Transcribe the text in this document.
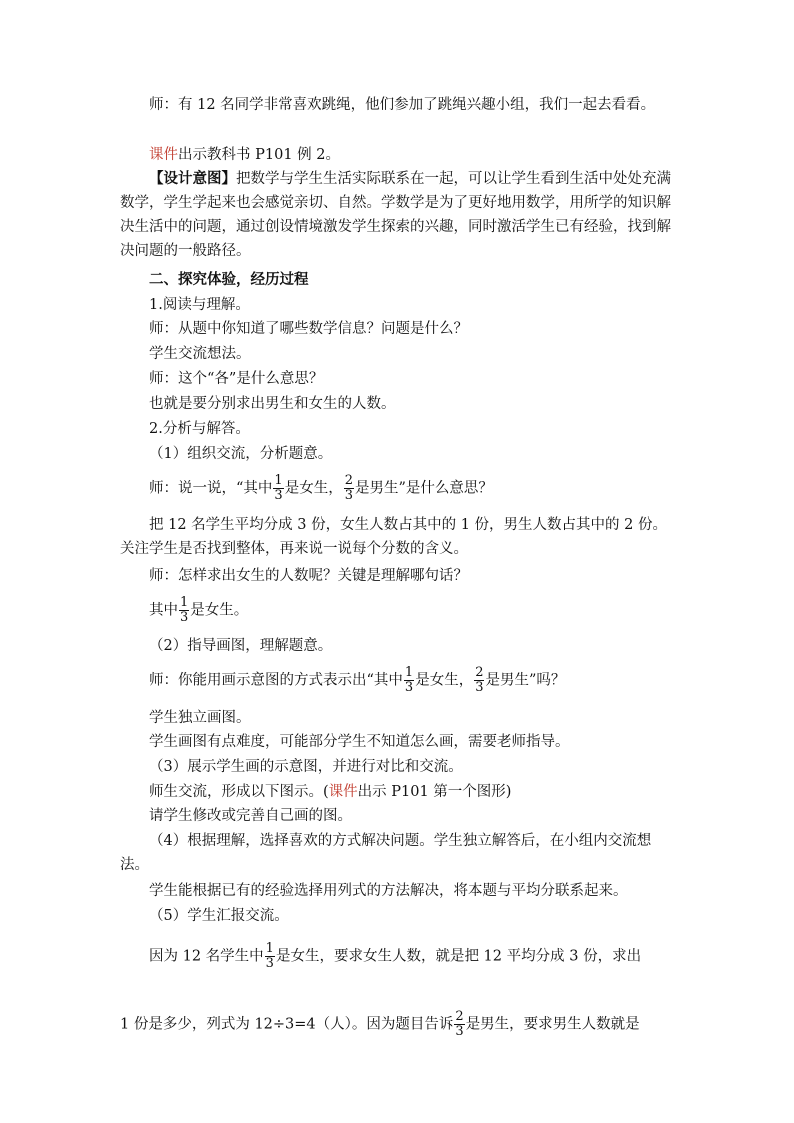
师：有 12 名同学非常喜欢跳绳，他们参加了跳绳兴趣小组，我们一起去看看。

课件出示教科书 P101 例 2。

【设计意图】把数学与学生生活实际联系在一起，可以让学生看到生活中处处充满数学，学生学起来也会感觉亲切、自然。学数学是为了更好地用数学，用所学的知识解决生活中的问题，通过创设情境激发学生探索的兴趣，同时激活学生已有经验，找到解决问题的一般路径。

二、探究体验，经历过程

1.阅读与理解。

师：从题中你知道了哪些数学信息？问题是什么？

学生交流想法。

师：这个“各”是什么意思？

也就是要分别求出男生和女生的人数。

2.分析与解答。

（1）组织交流，分析题意。

师：说一说，“其中 $\frac{1}{3}$ 是女生， $\frac{2}{3}$ 是男生”是什么意思？

把 12 名学生平均分成 3 份，女生人数占其中的 1 份，男生人数占其中的 2 份。关注学生是否找到整体，再来说一说每个分数的含义。

师：怎样求出女生的人数呢？关键是理解哪句话？

其中 $\frac{1}{3}$ 是女生。

（2）指导画图，理解题意。

师：你能用画示意图的方式表示出“其中 $\frac{1}{3}$ 是女生， $\frac{2}{3}$ 是男生”吗？

学生独立画图。

学生画图有点难度，可能部分学生不知道怎么画，需要老师指导。

（3）展示学生画的示意图，并进行对比和交流。

师生交流，形成以下图示。(课件出示 P101 第一个图形)

请学生修改或完善自己画的图。

（4）根据理解，选择喜欢的方式解决问题。学生独立解答后，在小组内交流想法。

学生能根据已有的经验选择用列式的方法解决，将本题与平均分联系起来。

（5）学生汇报交流。

因为 12 名学生中 $\frac{1}{3}$ 是女生，要求女生人数，就是把 12 平均分成 3 份，求出

1 份是多少，列式为 12÷3=4（人）。因为题目告诉 $\frac{2}{3}$ 是男生，要求男生人数就是
